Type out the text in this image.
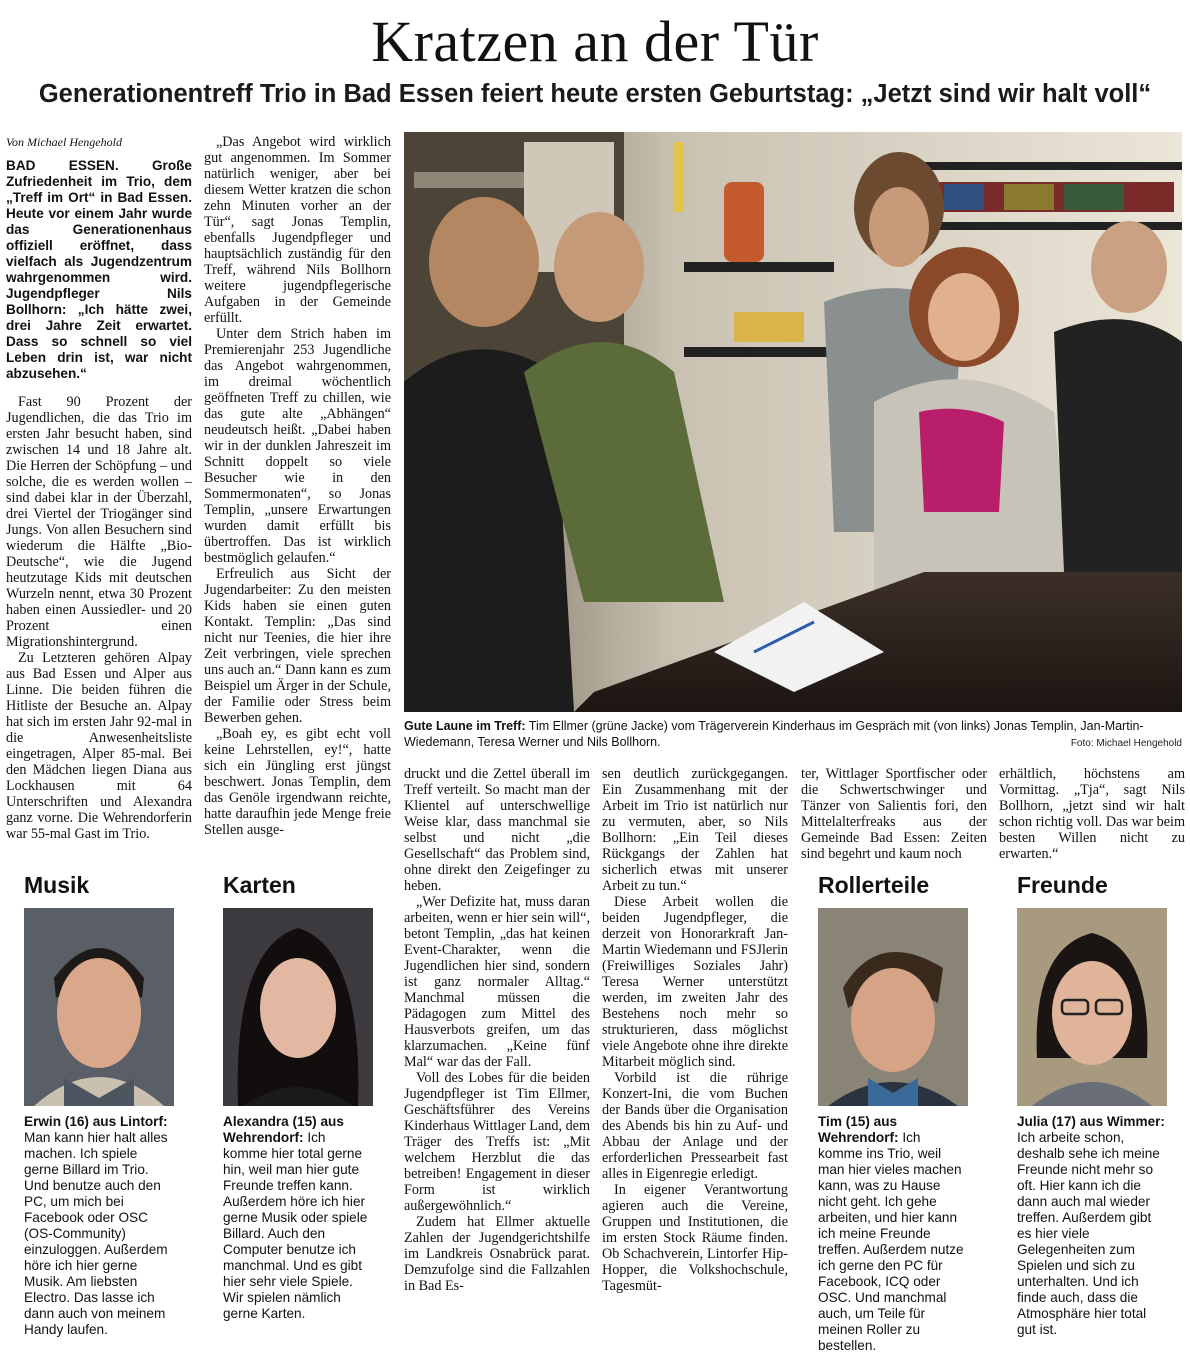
Kratzen an der Tür
Generationentreff Trio in Bad Essen feiert heute ersten Geburtstag: „Jetzt sind wir halt voll“

Von Michael Hengehold

BAD ESSEN. Große Zufriedenheit im Trio, dem „Treff im Ort“ in Bad Essen. Heute vor einem Jahr wurde das Generationenhaus offiziell eröffnet, dass vielfach als Jugendzentrum wahrgenommen wird. Jugendpfleger Nils Bollhorn: „Ich hätte zwei, drei Jahre Zeit erwartet. Dass so schnell so viel Leben drin ist, war nicht abzusehen.“

Fast 90 Prozent der Jugendlichen, die das Trio im ersten Jahr besucht haben, sind zwischen 14 und 18 Jahre alt. Die Herren der Schöpfung – und solche, die es werden wollen – sind dabei klar in der Überzahl, drei Viertel der Triogänger sind Jungs. Von allen Besuchern sind wiederum die Hälfte „Bio-Deutsche“, wie die Jugend heutzutage Kids mit deutschen Wurzeln nennt, etwa 30 Prozent haben einen Aussiedler- und 20 Prozent einen Migrationshintergrund.

Zu Letzteren gehören Alpay aus Bad Essen und Alper aus Linne. Die beiden führen die Hitliste der Besuche an. Alpay hat sich im ersten Jahr 92-mal in die Anwesenheitsliste eingetragen, Alper 85-mal. Bei den Mädchen liegen Diana aus Lockhausen mit 64 Unterschriften und Alexandra ganz vorne. Die Wehrendorferin war 55-mal Gast im Trio.

„Das Angebot wird wirklich gut angenommen. Im Sommer natürlich weniger, aber bei diesem Wetter kratzen die schon zehn Minuten vorher an der Tür“, sagt Jonas Templin, ebenfalls Jugendpfleger und hauptsächlich zuständig für den Treff, während Nils Bollhorn weitere jugendpflegerische Aufgaben in der Gemeinde erfüllt.

Unter dem Strich haben im Premierenjahr 253 Jugendliche das Angebot wahrgenommen, im dreimal wöchentlich geöffneten Treff zu chillen, wie das gute alte „Abhängen“ neudeutsch heißt. „Dabei haben wir in der dunklen Jahreszeit im Schnitt doppelt so viele Besucher wie in den Sommermonaten“, so Jonas Templin, „unsere Erwartungen wurden damit erfüllt bis übertroffen. Das ist wirklich bestmöglich gelaufen.“

Erfreulich aus Sicht der Jugendarbeiter: Zu den meisten Kids haben sie einen guten Kontakt. Templin: „Das sind nicht nur Teenies, die hier ihre Zeit verbringen, viele sprechen uns auch an.“ Dann kann es zum Beispiel um Ärger in der Schule, der Familie oder Stress beim Bewerben gehen.

„Boah ey, es gibt echt voll keine Lehrstellen, ey!“, hatte sich ein Jüngling erst jüngst beschwert. Jonas Templin, dem das Genöle irgendwann reichte, hatte daraufhin jede Menge freie Stellen ausge-

Gute Laune im Treff: Tim Ellmer (grüne Jacke) vom Trägerverein Kinderhaus im Gespräch mit (von links) Jonas Templin, Jan-Martin-Wiedemann, Teresa Werner und Nils Bollhorn.	Foto: Michael Hengehold

druckt und die Zettel überall im Treff verteilt. So macht man der Klientel auf unterschwellige Weise klar, dass manchmal sie selbst und nicht „die Gesellschaft“ das Problem sind, ohne direkt den Zeigefinger zu heben.

„Wer Defizite hat, muss daran arbeiten, wenn er hier sein will“, betont Templin, „das hat keinen Event-Charakter, wenn die Jugendlichen hier sind, sondern ist ganz normaler Alltag.“ Manchmal müssen die Pädagogen zum Mittel des Hausverbots greifen, um das klarzumachen. „Keine fünf Mal“ war das der Fall.

Voll des Lobes für die beiden Jugendpfleger ist Tim Ellmer, Geschäftsführer des Vereins Kinderhaus Wittlager Land, dem Träger des Treffs ist: „Mit welchem Herzblut die das betreiben! Engagement in dieser Form ist wirklich außergewöhnlich.“

Zudem hat Ellmer aktuelle Zahlen der Jugendgerichtshilfe im Landkreis Osnabrück parat. Demzufolge sind die Fallzahlen in Bad Es-

sen deutlich zurückgegangen. Ein Zusammenhang mit der Arbeit im Trio ist natürlich nur zu vermuten, aber, so Nils Bollhorn: „Ein Teil dieses Rückgangs der Zahlen hat sicherlich etwas mit unserer Arbeit zu tun.“

Diese Arbeit wollen die beiden Jugendpfleger, die derzeit von Honorarkraft Jan-Martin Wiedemann und FSJlerin (Freiwilliges Soziales Jahr) Teresa Werner unterstützt werden, im zweiten Jahr des Bestehens noch mehr so strukturieren, dass möglichst viele Angebote ohne ihre direkte Mitarbeit möglich sind.

Vorbild ist die rührige Konzert-Ini, die vom Buchen der Bands über die Organisation des Abends bis hin zu Auf- und Abbau der Anlage und der erforderlichen Pressearbeit fast alles in Eigenregie erledigt.

In eigener Verantwortung agieren auch die Vereine, Gruppen und Institutionen, die im ersten Stock Räume finden. Ob Schachverein, Lintorfer Hip-Hopper, die Volkshochschule, Tagesmüt-

ter, Wittlager Sportfischer oder die Schwertschwinger und Tänzer von Salientis fori, den Mittelalterfreaks aus der Gemeinde Bad Essen: Zeiten sind begehrt und kaum noch

erhältlich, höchstens am Vormittag. „Tja“, sagt Nils Bollhorn, „jetzt sind wir halt schon richtig voll. Das war beim besten Willen nicht zu erwarten.“

Musik
Erwin (16) aus Lintorf: Man kann hier halt alles machen. Ich spiele gerne Billard im Trio. Und benutze auch den PC, um mich bei Facebook oder OSC (OS-Community) einzuloggen. Außerdem höre ich hier gerne Musik. Am liebsten Electro. Das lasse ich dann auch von meinem Handy laufen.
Karten
Alexandra (15) aus Wehrendorf: Ich komme hier total gerne hin, weil man hier gute Freunde treffen kann. Außerdem höre ich hier gerne Musik oder spiele Billard. Auch den Computer benutze ich manchmal. Und es gibt hier sehr viele Spiele. Wir spielen nämlich gerne Karten.
Rollerteile
Tim (15) aus Wehrendorf: Ich komme ins Trio, weil man hier vieles machen kann, was zu Hause nicht geht. Ich gehe arbeiten, und hier kann ich meine Freunde treffen. Außerdem nutze ich gerne den PC für Facebook, ICQ oder OSC. Und manchmal auch, um Teile für meinen Roller zu bestellen.
Freunde
Julia (17) aus Wimmer: Ich arbeite schon, deshalb sehe ich meine Freunde nicht mehr so oft. Hier kann ich die dann auch mal wieder treffen. Außerdem gibt es hier viele Gelegenheiten zum Spielen und sich zu unterhalten. Und ich finde auch, dass die Atmosphäre hier total gut ist.
